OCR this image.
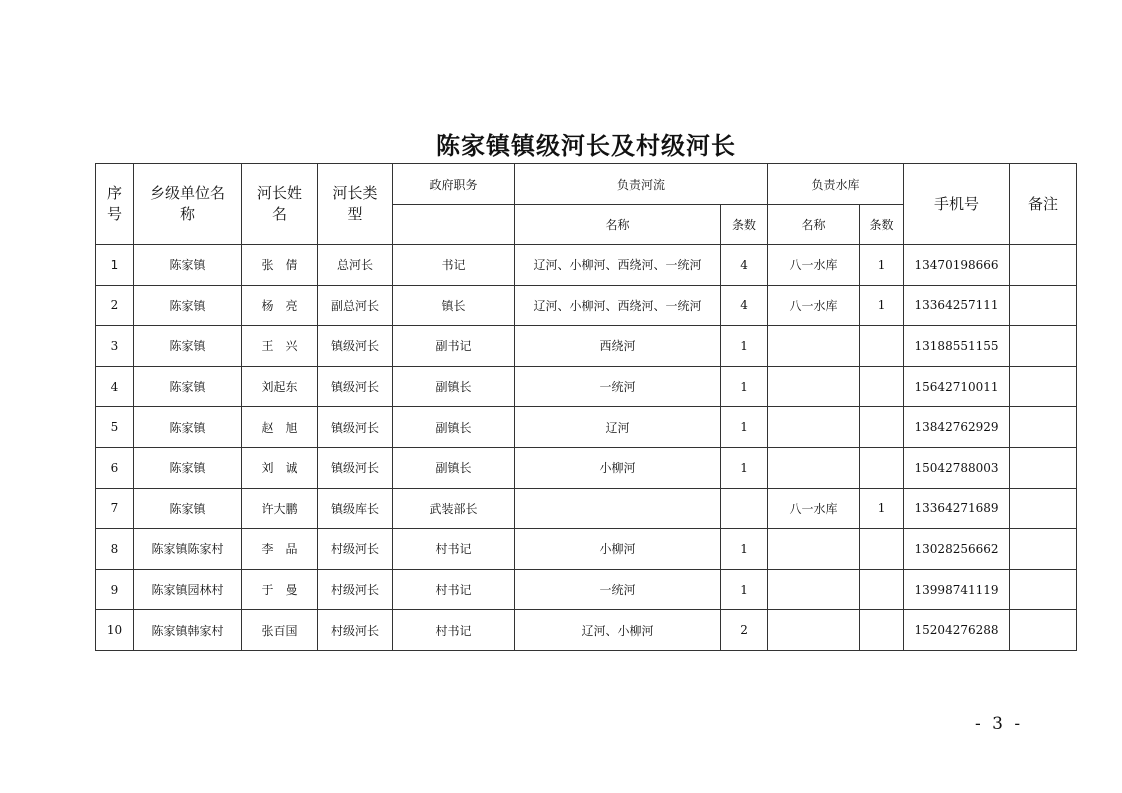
陈家镇镇级河长及村级河长
序号	乡级单位名称	河长姓名	河长类型	政府职务	负责河流		负责水库		手机号	备注
					名称	条数	名称	条数		
1	陈家镇	张　倩	总河长	书记	辽河、小柳河、西绕河、一统河	4	八一水库	1	13470198666	
2	陈家镇	杨　亮	副总河长	镇长	辽河、小柳河、西绕河、一统河	4	八一水库	1	13364257111	
3	陈家镇	王　兴	镇级河长	副书记	西绕河	1			13188551155	
4	陈家镇	刘起东	镇级河长	副镇长	一统河	1			15642710011	
5	陈家镇	赵　旭	镇级河长	副镇长	辽河	1			13842762929	
6	陈家镇	刘　诚	镇级河长	副镇长	小柳河	1			15042788003	
7	陈家镇	许大鹏	镇级库长	武装部长			八一水库	1	13364271689	
8	陈家镇陈家村	李　品	村级河长	村书记	小柳河	1			13028256662	
9	陈家镇园林村	于　曼	村级河长	村书记	一统河	1			13998741119	
10	陈家镇韩家村	张百国	村级河长	村书记	辽河、小柳河	2			15204276288	
- 3 -
